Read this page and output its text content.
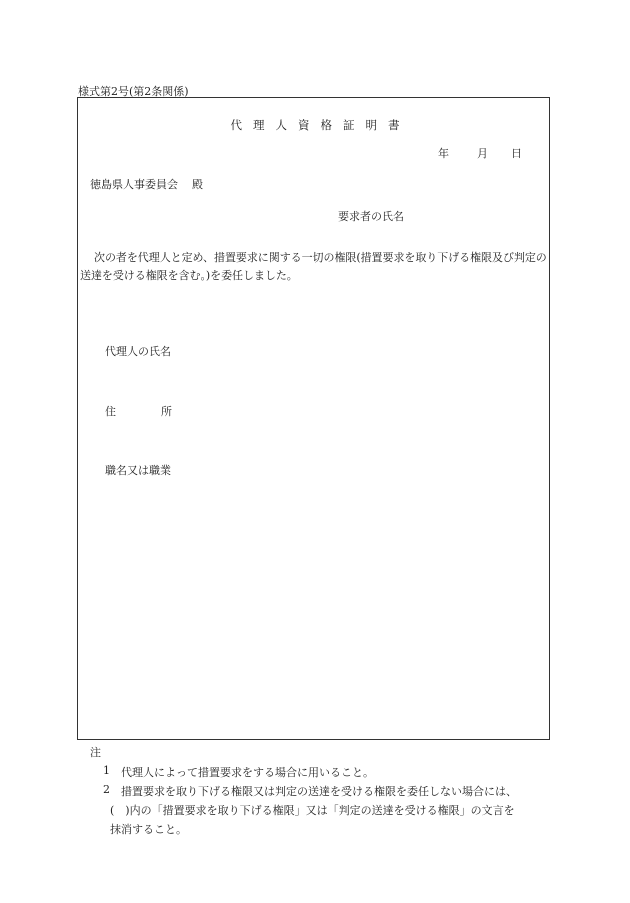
様式第2号(第2条関係)
代理人資格証明書
年	月 日
徳島県人事委員会 殿
要求者の氏名
次の者を代理人と定め、措置要求に関する一切の権限(措置要求を取り下げる権限及び判定の送達を受ける権限を含む。)を委任しました。
代理人の氏名
住	所
職名又は職業
注
1 代理人によって措置要求をする場合に用いること。
2 措置要求を取り下げる権限又は判定の送達を受ける権限を委任しない場合には、
(　)内の「措置要求を取り下げる権限」又は「判定の送達を受ける権限」の文言を
抹消すること。
